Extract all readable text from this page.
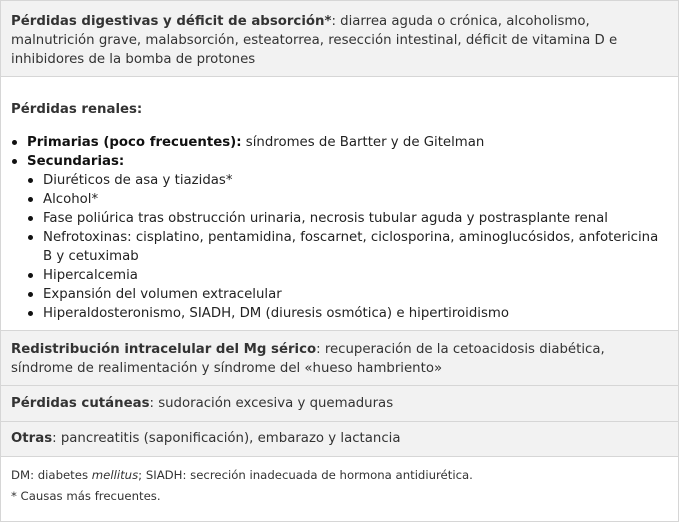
Pérdidas digestivas y déficit de absorción*: diarrea aguda o crónica, alcoholismo, malnutrición grave, malabsorción, esteatorrea, resección intestinal, déficit de vitamina D e inhibidores de la bomba de protones
Pérdidas renales:
Primarias (poco frecuentes): síndromes de Bartter y de Gitelman
Secundarias:
Diuréticos de asa y tiazidas*
Alcohol*
Fase poliúrica tras obstrucción urinaria, necrosis tubular aguda y postrasplante renal
Nefrotoxinas: cisplatino, pentamidina, foscarnet, ciclosporina, aminoglucósidos, anfotericina B y cetuximab
Hipercalcemia
Expansión del volumen extracelular
Hiperaldosteronismo, SIADH, DM (diuresis osmótica) e hipertiroidismo
Redistribución intracelular del Mg sérico: recuperación de la cetoacidosis diabética, síndrome de realimentación y síndrome del «hueso hambriento»
Pérdidas cutáneas: sudoración excesiva y quemaduras
Otras: pancreatitis (saponificación), embarazo y lactancia
DM: diabetes mellitus; SIADH: secreción inadecuada de hormona antidiurética.
* Causas más frecuentes.
